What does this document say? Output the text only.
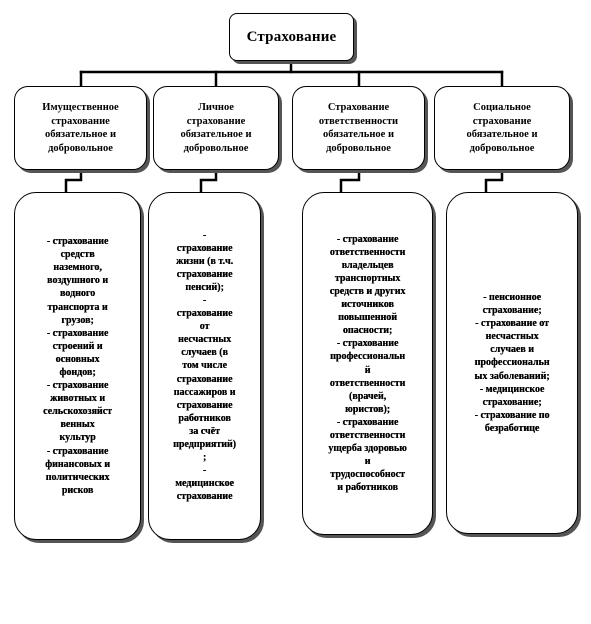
Страхование
Имущественное
страхование
обязательное и
добровольное
Личное
страхование
обязательное и
добровольное
Страхование
ответственности
обязательное и
добровольное
Социальное
страхование
обязательное и
добровольное
- страхование
средств
наземного,
воздушного и
водного
транспорта и
грузов;
- страхование
строений и
основных
фондов;
- страхование
животных и
сельскохозяйст
венных
культур
- страхование
финансовых и
политических
рисков
-
страхование
жизни (в т.ч.
страхование
пенсий);
-
страхование
от
несчастных
случаев (в
том числе
страхование
пассажиров и
страхование
работников
за счёт
предприятий)
;
-
медицинское
страхование
- страхование
ответственности
владельцев
транспортных
средств и других
источников
повышенной
опасности;
- страхование
профессиональн
й
ответственности
(врачей,
юристов);
- страхование
ответственности
ущерба здоровью
и
трудоспособност
и работников
- пенсионное
страхование;
- страхование от
несчастных
случаев и
профессиональн
ых заболеваний;
- медицинское
страхование;
- страхование по
безработице
